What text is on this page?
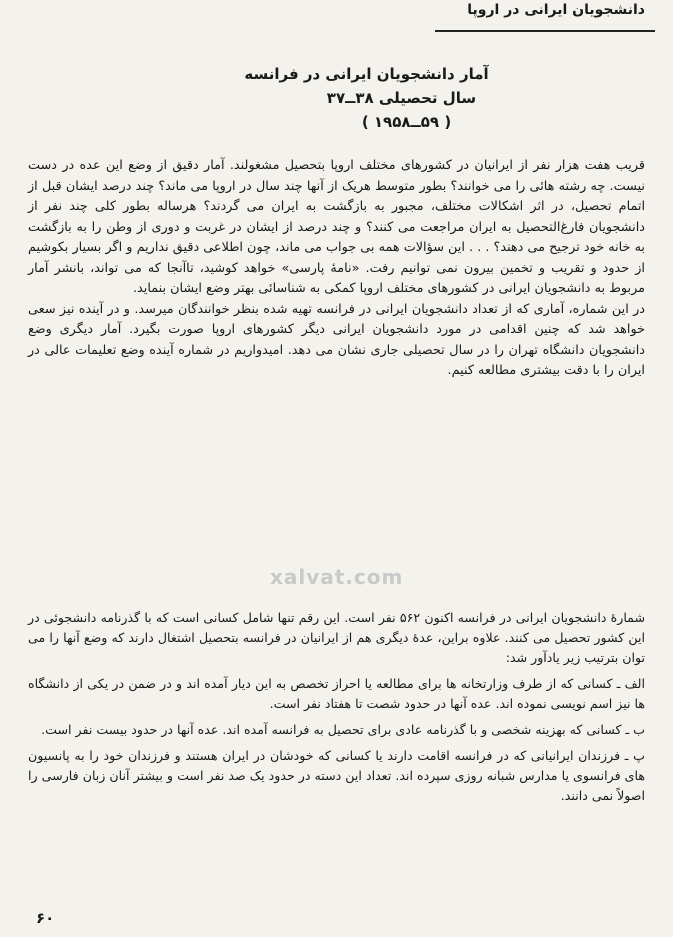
دانشجویان ایرانی در اروپا
آمار دانشجویان ایرانی در فرانسه
سال تحصیلی ۳۸ــ۳۷
( ۵۹ــ۱۹۵۸ )

قریب هفت هزار نفر از ایرانیان در کشورهای مختلف اروپا بتحصیل مشغولند. آمار دقیق از وضع این عده در دست نیست. چه رشته هائی را می خوانند؟ بطور متوسط هریک از آنها چند سال در اروپا می ماند؟ چند درصد ایشان قبل از اتمام تحصیل، در اثر اشکالات مختلف، مجبور به بازگشت به ایران می گردند؟ هرساله بطور کلی چند نفر از دانشجویان فارغ‌التحصیل به ایران مراجعت می کنند؟ و چند درصد از ایشان در غربت و دوری از وطن را به بازگشت به خانه خود ترجیح می دهند؟ . . . این سؤالات همه بی جواب می ماند، چون اطلاعی دقیق نداریم و اگر بسیار بکوشیم از حدود و تقریب و تخمین بیرون نمی توانیم رفت. «نامهٔ پارسی» خواهد کوشید، تاآنجا که می تواند، بانشر آمار مربوط به دانشجویان ایرانی در کشورهای مختلف اروپا کمکی به شناسائی بهتر وضع ایشان بنماید.

در این شماره، آماری که از تعداد دانشجویان ایرانی در فرانسه تهیه شده بنظر خوانندگان میرسد. و در آینده نیز سعی خواهد شد که چنین اقدامی در مورد دانشجویان ایرانی دیگر کشورهای اروپا صورت بگیرد. آمار دیگری وضع دانشجویان دانشگاه تهران را در سال تحصیلی جاری نشان می دهد. امیدواریم در شماره آینده وضع تعلیمات عالی در ایران را با دقت بیشتری مطالعه کنیم.

xalvat.com

شمارهٔ دانشجویان ایرانی در فرانسه اکنون ۵۶۲ نفر است. این رقم تنها شامل کسانی است که با گذرنامه دانشجوئی در این کشور تحصیل می کنند. علاوه براین، عدهٔ دیگری هم از ایرانیان در فرانسه بتحصیل اشتغال دارند که وضع آنها را می توان بترتیب زیر یادآور شد:

الف ـ کسانی که از طرف وزارتخانه ها برای مطالعه یا احراز تخصص به این دیار آمده اند و در ضمن در یکی از دانشگاه ها نیز اسم نویسی نموده اند. عده آنها در حدود شصت تا هفتاد نفر است.

ب ـ کسانی که بهزینه شخصی و با گذرنامه عادی برای تحصیل به فرانسه آمده اند. عده آنها در حدود بیست نفر است.

پ ـ فرزندان ایرانیانی که در فرانسه اقامت دارند یا کسانی که خودشان در ایران هستند و فرزندان خود را به پانسیون های فرانسوی یا مدارس شبانه روزی سپرده اند. تعداد این دسته در حدود یک صد نفر است و بیشتر آنان زبان فارسی را اصولاً نمی دانند.

۶۰
